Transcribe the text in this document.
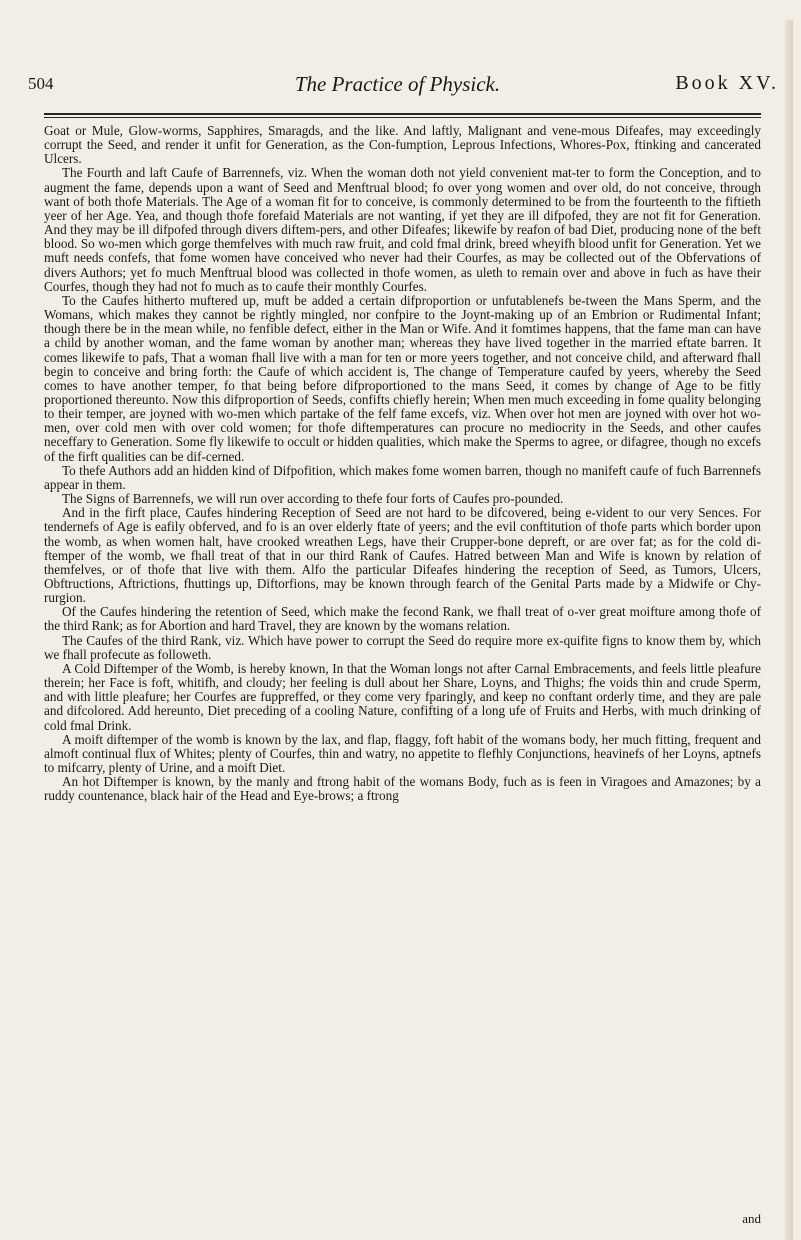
504	The Practice of Physick.	Book XV.

Goat or Mule, Glow-worms, Sapphires, Smaragds, and the like. And laftly, Malignant and vene-mous Difeafes, may exceedingly corrupt the Seed, and render it unfit for Generation, as the Con-fumption, Leprous Infections, Whores-Pox, ftinking and cancerated Ulcers.

The Fourth and laft Caufe of Barrennefs, viz. When the woman doth not yield convenient mat-ter to form the Conception, and to augment the fame, depends upon a want of Seed and Menftrual blood; fo over yong women and over old, do not conceive, through want of both thofe Materials. The Age of a woman fit for to conceive, is commonly determined to be from the fourteenth to the fiftieth yeer of her Age. Yea, and though thofe forefaid Materials are not wanting, if yet they are ill difpofed, they are not fit for Generation. And they may be ill difpofed through divers diftem-pers, and other Difeafes; likewife by reafon of bad Diet, producing none of the beft blood. So wo-men which gorge themfelves with much raw fruit, and cold fmal drink, breed wheyifh blood unfit for Generation. Yet we muft needs confefs, that fome women have conceived who never had their Courfes, as may be collected out of the Obfervations of divers Authors; yet fo much Menftrual blood was collected in thofe women, as uleth to remain over and above in fuch as have their Courfes, though they had not fo much as to caufe their monthly Courfes.

To the Caufes hitherto muftered up, muft be added a certain difproportion or unfutablenefs be-tween the Mans Sperm, and the Womans, which makes they cannot be rightly mingled, nor confpire to the Joynt-making up of an Embrion or Rudimental Infant; though there be in the mean while, no fenfible defect, either in the Man or Wife. And it fomtimes happens, that the fame man can have a child by another woman, and the fame woman by another man; whereas they have lived together in the married eftate barren. It comes likewife to pafs, That a woman fhall live with a man for ten or more yeers together, and not conceive child, and afterward fhall begin to conceive and bring forth: the Caufe of which accident is, The change of Temperature caufed by yeers, whereby the Seed comes to have another temper, fo that being before difproportioned to the mans Seed, it comes by change of Age to be fitly proportioned thereunto. Now this difproportion of Seeds, confifts chiefly herein; When men much exceeding in fome quality belonging to their temper, are joyned with wo-men which partake of the felf fame excefs, viz. When over hot men are joyned with over hot wo-men, over cold men with over cold women; for thofe diftemperatures can procure no mediocrity in the Seeds, and other caufes neceffary to Generation. Some fly likewife to occult or hidden qualities, which make the Sperms to agree, or difagree, though no excefs of the firft qualities can be dif-cerned.

To thefe Authors add an hidden kind of Difpofition, which makes fome women barren, though no manifeft caufe of fuch Barrennefs appear in them.

The Signs of Barrennefs, we will run over according to thefe four forts of Caufes pro-pounded.

And in the firft place, Caufes hindering Reception of Seed are not hard to be difcovered, being e-vident to our very Sences. For tendernefs of Age is eafily obferved, and fo is an over elderly ftate of yeers; and the evil conftitution of thofe parts which border upon the womb, as when women halt, have crooked wreathen Legs, have their Crupper-bone depreft, or are over fat; as for the cold di-ftemper of the womb, we fhall treat of that in our third Rank of Caufes. Hatred between Man and Wife is known by relation of themfelves, or of thofe that live with them. Alfo the particular Difeafes hindering the reception of Seed, as Tumors, Ulcers, Obftructions, Aftrictions, fhuttings up, Diftorfions, may be known through fearch of the Genital Parts made by a Midwife or Chy-rurgion.

Of the Caufes hindering the retention of Seed, which make the fecond Rank, we fhall treat of o-ver great moifture among thofe of the third Rank; as for Abortion and hard Travel, they are known by the womans relation.

The Caufes of the third Rank, viz. Which have power to corrupt the Seed do require more ex-quifite figns to know them by, which we fhall profecute as followeth.

A Cold Diftemper of the Womb, is hereby known, In that the Woman longs not after Carnal Embracements, and feels little pleafure therein; her Face is foft, whitifh, and cloudy; her feeling is dull about her Share, Loyns, and Thighs; fhe voids thin and crude Sperm, and with little pleafure; her Courfes are fuppreffed, or they come very fparingly, and keep no conftant orderly time, and they are pale and difcolored. Add hereunto, Diet preceding of a cooling Nature, confifting of a long ufe of Fruits and Herbs, with much drinking of cold fmal Drink.

A moift diftemper of the womb is known by the lax, and flap, flaggy, foft habit of the womans body, her much fitting, frequent and almoft continual flux of Whites; plenty of Courfes, thin and watry, no appetite to flefhly Conjunctions, heavinefs of her Loyns, aptnefs to mifcarry, plenty of Urine, and a moift Diet.

An hot Diftemper is known, by the manly and ftrong habit of the womans Body, fuch as is feen in Viragoes and Amazones; by a ruddy countenance, black hair of the Head and Eye-brows; a ftrong

and
